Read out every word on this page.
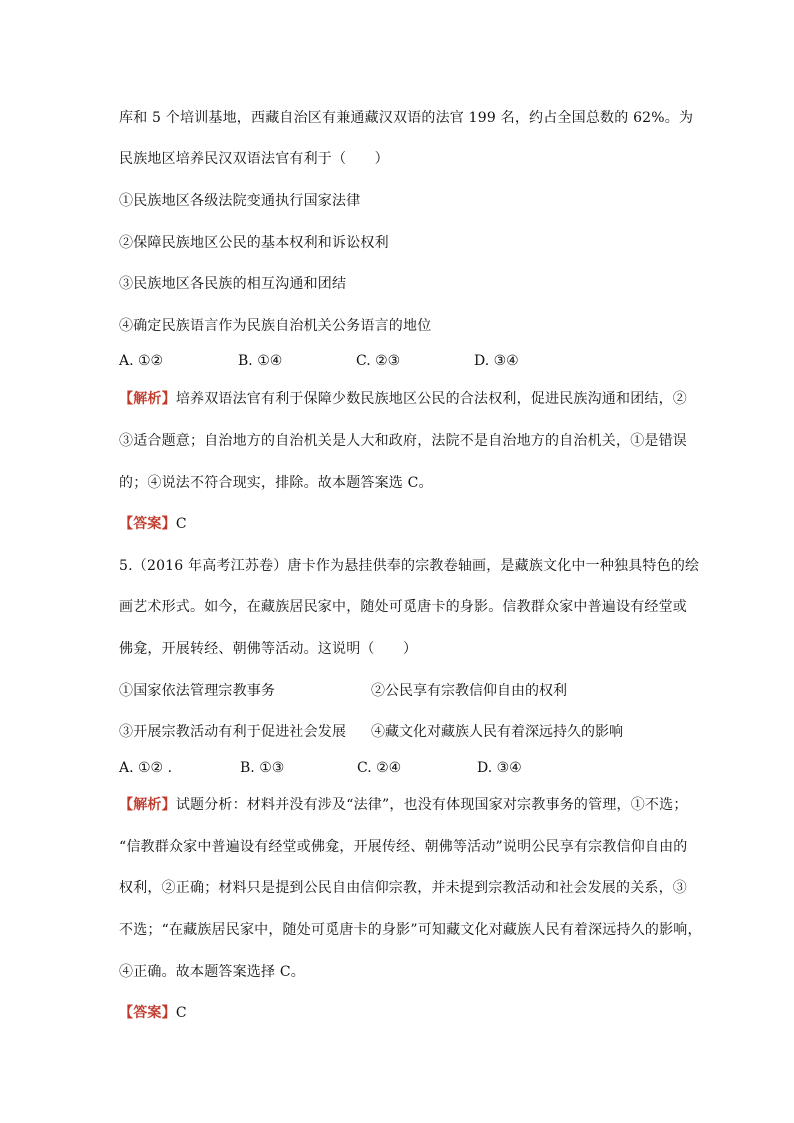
库和 5 个培训基地，西藏自治区有兼通藏汉双语的法官 199 名，约占全国总数的 62%。为
民族地区培养民汉双语法官有利于（　　）
①民族地区各级法院变通执行国家法律
②保障民族地区公民的基本权利和诉讼权利
③民族地区各民族的相互沟通和团结
④确定民族语言作为民族自治机关公务语言的地位
A. ①②	B. ①④	C. ②③	D. ③④
【解析】培养双语法官有利于保障少数民族地区公民的合法权利，促进民族沟通和团结，②
③适合题意；自治地方的自治机关是人大和政府，法院不是自治地方的自治机关，①是错误
的；④说法不符合现实，排除。故本题答案选 C。
【答案】C
5.（2016 年高考江苏卷）唐卡作为悬挂供奉的宗教卷轴画，是藏族文化中一种独具特色的绘
画艺术形式。如今，在藏族居民家中，随处可觅唐卡的身影。信教群众家中普遍设有经堂或
佛龛，开展转经、朝佛等活动。这说明（　　）
①国家依法管理宗教事务	②公民享有宗教信仰自由的权利
③开展宗教活动有利于促进社会发展 ④藏文化对藏族人民有着深远持久的影响
A. ①② .	B. ①③	C. ②④	D. ③④
【解析】试题分析：材料并没有涉及“法律”，也没有体现国家对宗教事务的管理，①不选；
“信教群众家中普遍设有经堂或佛龛，开展传经、朝佛等活动”说明公民享有宗教信仰自由的
权利，②正确；材料只是提到公民自由信仰宗教，并未提到宗教活动和社会发展的关系，③
不选；“在藏族居民家中，随处可觅唐卡的身影”可知藏文化对藏族人民有着深远持久的影响，
④正确。故本题答案选择 C。
【答案】C
